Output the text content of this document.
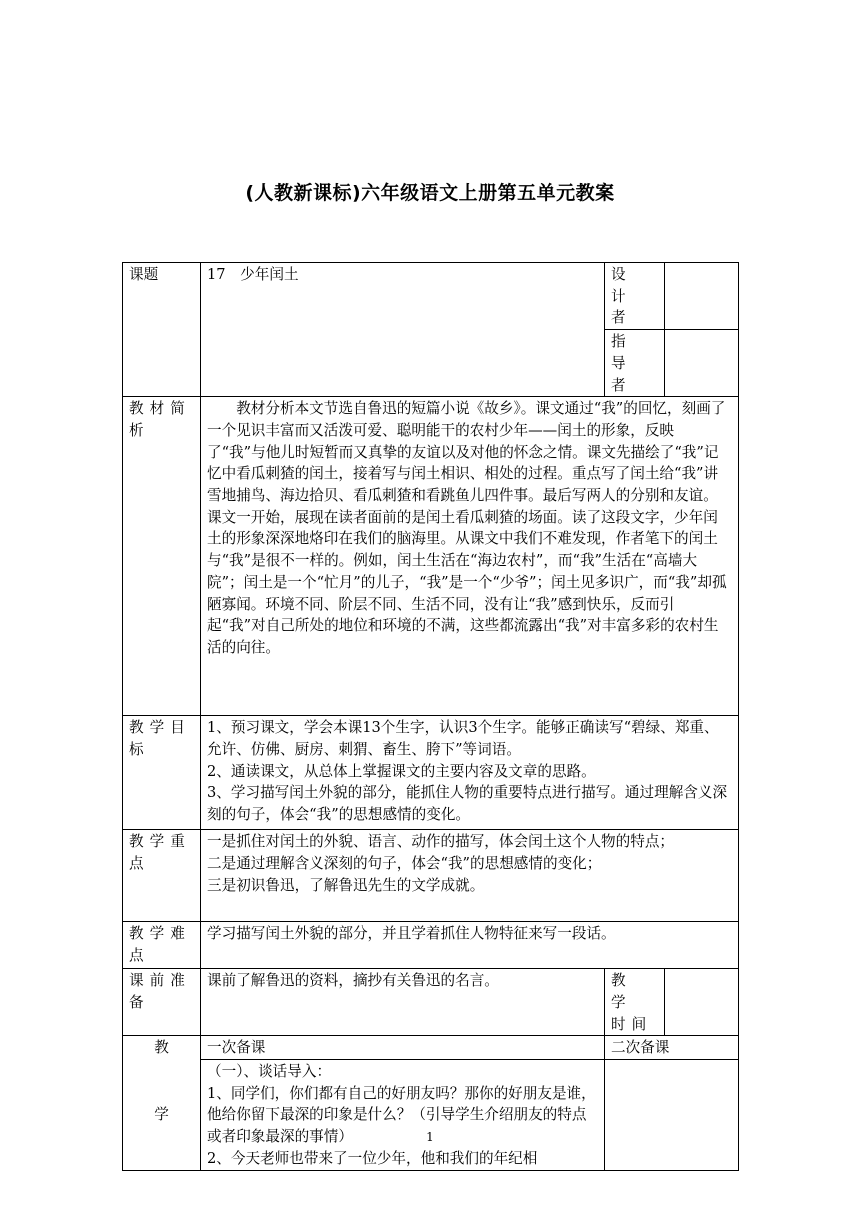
(人教新课标)六年级语文上册第五单元教案
课题	17　少年闰土	设 计 者	
		指 导 者	
教材简析	教材分析本文节选自鲁迅的短篇小说《故乡》。课文通过“我”的回忆，刻画了一个见识丰富而又活泼可爱、聪明能干的农村少年——闰土的形象，反映了“我”与他儿时短暂而又真挚的友谊以及对他的怀念之情。课文先描绘了“我”记忆中看瓜刺猹的闰土，接着写与闰土相识、相处的过程。重点写了闰土给“我”讲雪地捕鸟、海边拾贝、看瓜刺猹和看跳鱼儿四件事。最后写两人的分别和友谊。课文一开始，展现在读者面前的是闰土看瓜刺猹的场面。读了这段文字，少年闰土的形象深深地烙印在我们的脑海里。从课文中我们不难发现，作者笔下的闰土与“我”是很不一样的。例如，闰土生活在“海边农村”，而“我”生活在“高墙大院”；闰土是一个“忙月”的儿子，“我”是一个“少爷”；闰土见多识广，而“我”却孤陋寡闻。环境不同、阶层不同、生活不同，没有让“我”感到快乐，反而引起“我”对自己所处的地位和环境的不满，这些都流露出“我”对丰富多彩的农村生活的向往。		
教学目标	1、预习课文，学会本课13个生字，认识3个生字。能够正确读写“碧绿、郑重、允许、仿佛、厨房、刺猬、畜生、胯下”等词语。
2、通读课文，从总体上掌握课文的主要内容及文章的思路。
3、学习描写闰土外貌的部分，能抓住人物的重要特点进行描写。通过理解含义深刻的句子，体会“我”的思想感情的变化。		

教学重点	一是抓住对闰土的外貌、语言、动作的描写，体会闰土这个人物的特点；
二是通过理解含义深刻的句子，体会“我”的思想感情的变化；
三是初识鲁迅，了解鲁迅先生的文学成就。		

教学难点	学习描写闰土外貌的部分，并且学着抓住人物特征来写一段话。		
课前准备	课前了解鲁迅的资料，摘抄有关鲁迅的名言。	教 学 时间	

教
学	一次备课	二次备课	

	（一）、谈话导入：
1、同学们，你们都有自己的好朋友吗？那你的好朋友是谁，他给你留下最深的印象是什么？（引导学生介绍朋友的特点或者印象最深的事情）
2、今天老师也带来了一位少年，他和我们的年纪相		

1
